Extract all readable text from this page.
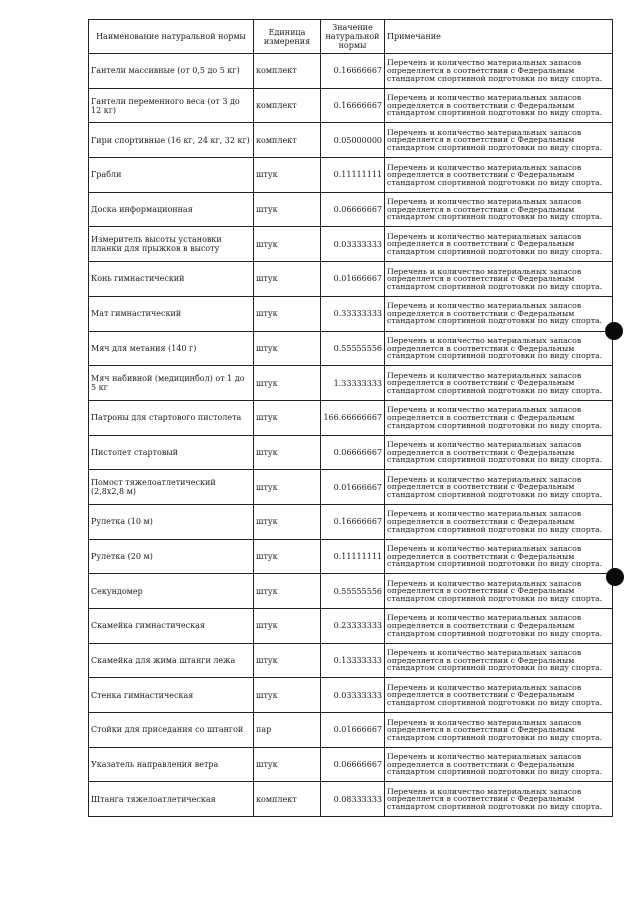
Наименование натуральной нормы	Единица измерения	Значение натуральной нормы	Примечание
Гантели массивные (от 0,5 до 5 кг)	комплект	0.16666667	Перечень и количество материальных запасов определяется в соответствии с Федеральным стандартом спортивной подготовки по виду спорта.
Гантели переменного веса (от 3 до 12 кг)	комплект	0.16666667	Перечень и количество материальных запасов определяется в соответствии с Федеральным стандартом спортивной подготовки по виду спорта.
Гири спортивные (16 кг, 24 кг, 32 кг)	комплект	0.05000000	Перечень и количество материальных запасов определяется в соответствии с Федеральным стандартом спортивной подготовки по виду спорта.
Грабли	штук	0.11111111	Перечень и количество материальных запасов определяется в соответствии с Федеральным стандартом спортивной подготовки по виду спорта.
Доска информационная	штук	0.06666667	Перечень и количество материальных запасов определяется в соответствии с Федеральным стандартом спортивной подготовки по виду спорта.
Измеритель высоты установки планки для прыжков в высоту	штук	0.03333333	Перечень и количество материальных запасов определяется в соответствии с Федеральным стандартом спортивной подготовки по виду спорта.
Конь гимнастический	штук	0.01666667	Перечень и количество материальных запасов определяется в соответствии с Федеральным стандартом спортивной подготовки по виду спорта.
Мат гимнастический	штук	0.33333333	Перечень и количество материальных запасов определяется в соответствии с Федеральным стандартом спортивной подготовки по виду спорта.
Мяч для метания (140 г)	штук	0.55555556	Перечень и количество материальных запасов определяется в соответствии с Федеральным стандартом спортивной подготовки по виду спорта.
Мяч набивной (медицинбол) от 1 до 5 кг	штук	1.33333333	Перечень и количество материальных запасов определяется в соответствии с Федеральным стандартом спортивной подготовки по виду спорта.
Патроны для стартового пистолета	штук	166.66666667	Перечень и количество материальных запасов определяется в соответствии с Федеральным стандартом спортивной подготовки по виду спорта.
Пистолет стартовый	штук	0.06666667	Перечень и количество материальных запасов определяется в соответствии с Федеральным стандартом спортивной подготовки по виду спорта.
Помост тяжелоатлетический (2,8х2,8 м)	штук	0.01666667	Перечень и количество материальных запасов определяется в соответствии с Федеральным стандартом спортивной подготовки по виду спорта.
Рулетка (10 м)	штук	0.16666667	Перечень и количество материальных запасов определяется в соответствии с Федеральным стандартом спортивной подготовки по виду спорта.
Рулетка (20 м)	штук	0.11111111	Перечень и количество материальных запасов определяется в соответствии с Федеральным стандартом спортивной подготовки по виду спорта.
Секундомер	штук	0.55555556	Перечень и количество материальных запасов определяется в соответствии с Федеральным стандартом спортивной подготовки по виду спорта.
Скамейка гимнастическая	штук	0.23333333	Перечень и количество материальных запасов определяется в соответствии с Федеральным стандартом спортивной подготовки по виду спорта.
Скамейка для жима штанги лежа	штук	0.13333333	Перечень и количество материальных запасов определяется в соответствии с Федеральным стандартом спортивной подготовки по виду спорта.
Стенка гимнастическая	штук	0.03333333	Перечень и количество материальных запасов определяется в соответствии с Федеральным стандартом спортивной подготовки по виду спорта.
Стойки для приседания со штангой	пар	0.01666667	Перечень и количество материальных запасов определяется в соответствии с Федеральным стандартом спортивной подготовки по виду спорта.
Указатель направления ветра	штук	0.06666667	Перечень и количество материальных запасов определяется в соответствии с Федеральным стандартом спортивной подготовки по виду спорта.
Штанга тяжелоатлетическая	комплект	0.08333333	Перечень и количество материальных запасов определяется в соответствии с Федеральным стандартом спортивной подготовки по виду спорта.
